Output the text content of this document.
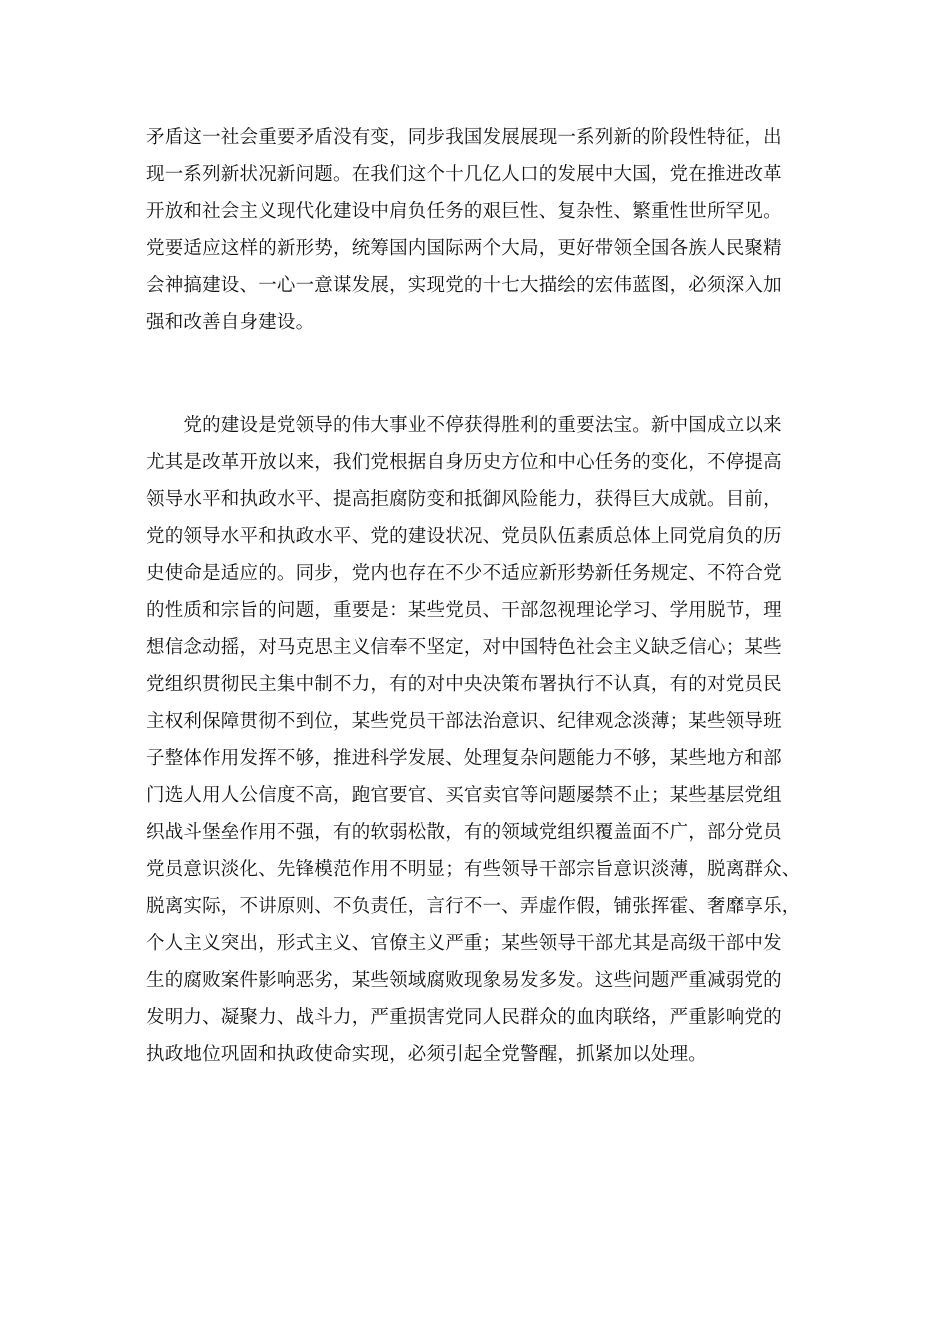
矛盾这一社会重要矛盾没有变，同步我国发展展现一系列新的阶段性特征，出
现一系列新状况新问题。在我们这个十几亿人口的发展中大国，党在推进改革
开放和社会主义现代化建设中肩负任务的艰巨性、复杂性、繁重性世所罕见。
党要适应这样的新形势，统筹国内国际两个大局，更好带领全国各族人民聚精
会神搞建设、一心一意谋发展，实现党的十七大描绘的宏伟蓝图，必须深入加
强和改善自身建设。
　　党的建设是党领导的伟大事业不停获得胜利的重要法宝。新中国成立以来
尤其是改革开放以来，我们党根据自身历史方位和中心任务的变化，不停提高
领导水平和执政水平、提高拒腐防变和抵御风险能力，获得巨大成就。目前，
党的领导水平和执政水平、党的建设状况、党员队伍素质总体上同党肩负的历
史使命是适应的。同步，党内也存在不少不适应新形势新任务规定、不符合党
的性质和宗旨的问题，重要是：某些党员、干部忽视理论学习、学用脱节，理
想信念动摇，对马克思主义信奉不坚定，对中国特色社会主义缺乏信心；某些
党组织贯彻民主集中制不力，有的对中央决策布署执行不认真，有的对党员民
主权利保障贯彻不到位，某些党员干部法治意识、纪律观念淡薄；某些领导班
子整体作用发挥不够，推进科学发展、处理复杂问题能力不够，某些地方和部
门选人用人公信度不高，跑官要官、买官卖官等问题屡禁不止；某些基层党组
织战斗堡垒作用不强，有的软弱松散，有的领域党组织覆盖面不广，部分党员
党员意识淡化、先锋模范作用不明显；有些领导干部宗旨意识淡薄，脱离群众、
脱离实际，不讲原则、不负责任，言行不一、弄虚作假，铺张挥霍、奢靡享乐，
个人主义突出，形式主义、官僚主义严重；某些领导干部尤其是高级干部中发
生的腐败案件影响恶劣，某些领域腐败现象易发多发。这些问题严重减弱党的
发明力、凝聚力、战斗力，严重损害党同人民群众的血肉联络，严重影响党的
执政地位巩固和执政使命实现，必须引起全党警醒，抓紧加以处理。
